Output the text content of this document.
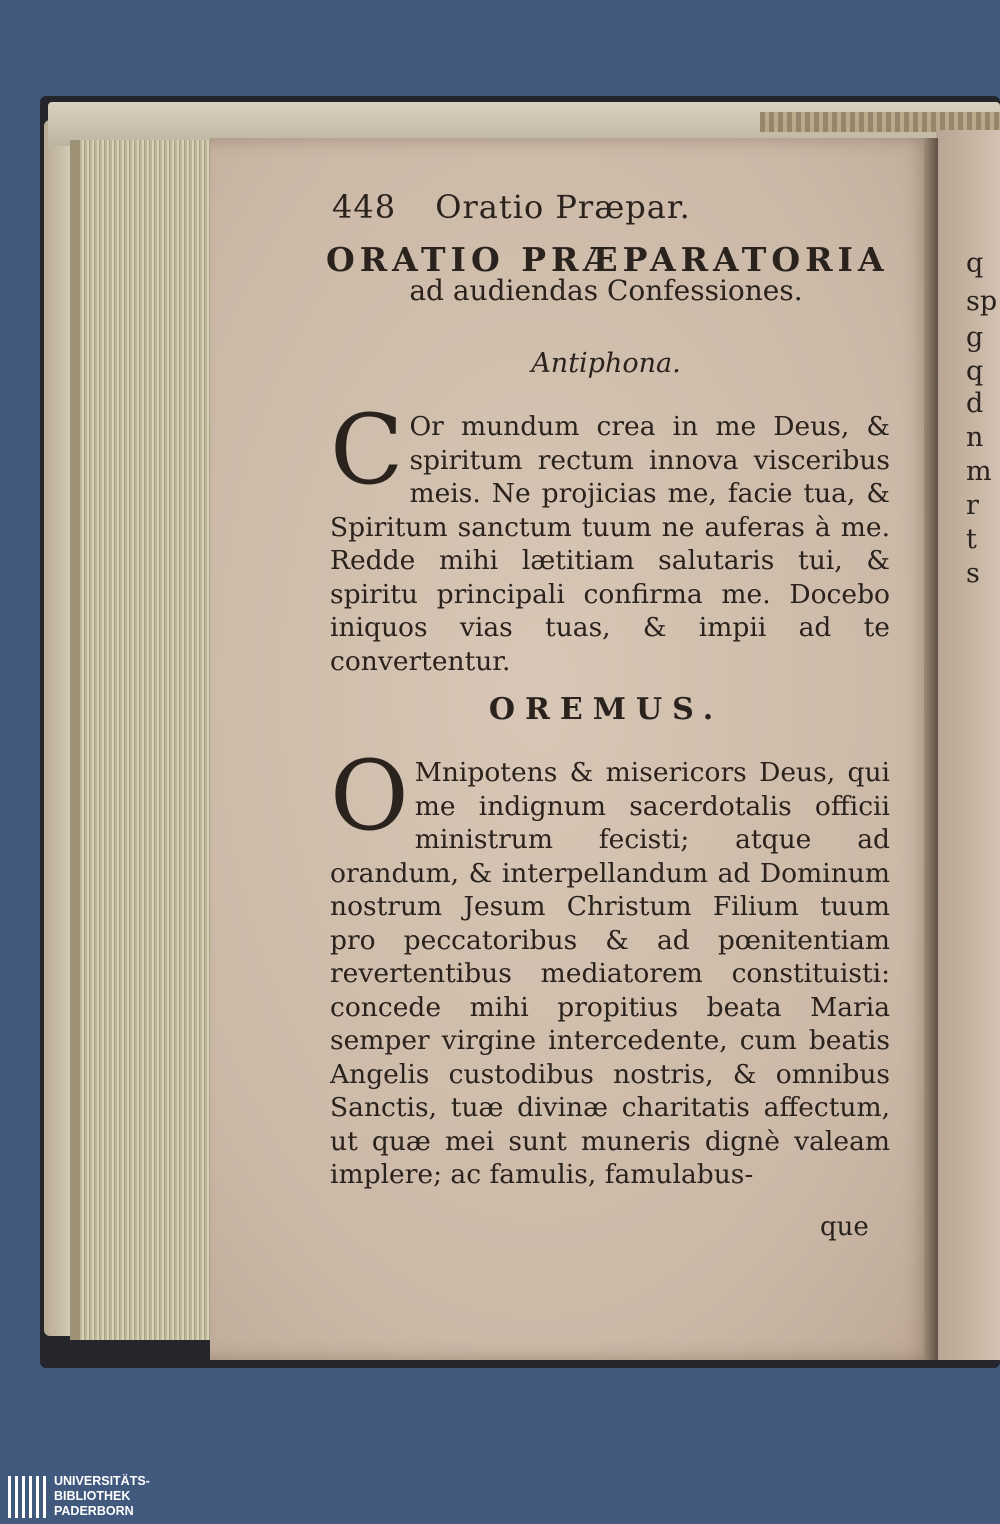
448 Oratio Præpar.
ORATIO PRÆPARATORIA
ad audiendas Confessiones.
Antiphona.
C Or mundum crea in me Deus, & spiritum rectum innova visceribus meis. Ne projicias me, facie tua, & Spiritum sanctum tuum ne auferas à me. Redde mihi lætitiam salutaris tui, & spiritu principali confirma me. Docebo iniquos vias tuas, & impii ad te convertentur.
OREMUS.
O Mnipotens & misericors Deus, qui me indignum sacerdotalis officii ministrum fecisti; atque ad orandum, & interpellandum ad Dominum nostrum Jesum Christum Filium tuum pro peccatoribus & ad pœnitentiam revertentibus mediatorem constituisti: concede mihi propitius beata Maria semper virgine intercedente, cum beatis Angelis custodibus nostris, & omnibus Sanctis, tuæ divinæ charitatis affectum, ut quæ mei sunt muneris dignè valeam implere; ac famulis, famulabus-
que
q
sp
g
q
d
n
m
r
t
s
UNIVERSITÄTS-
BIBLIOTHEK
PADERBORN
